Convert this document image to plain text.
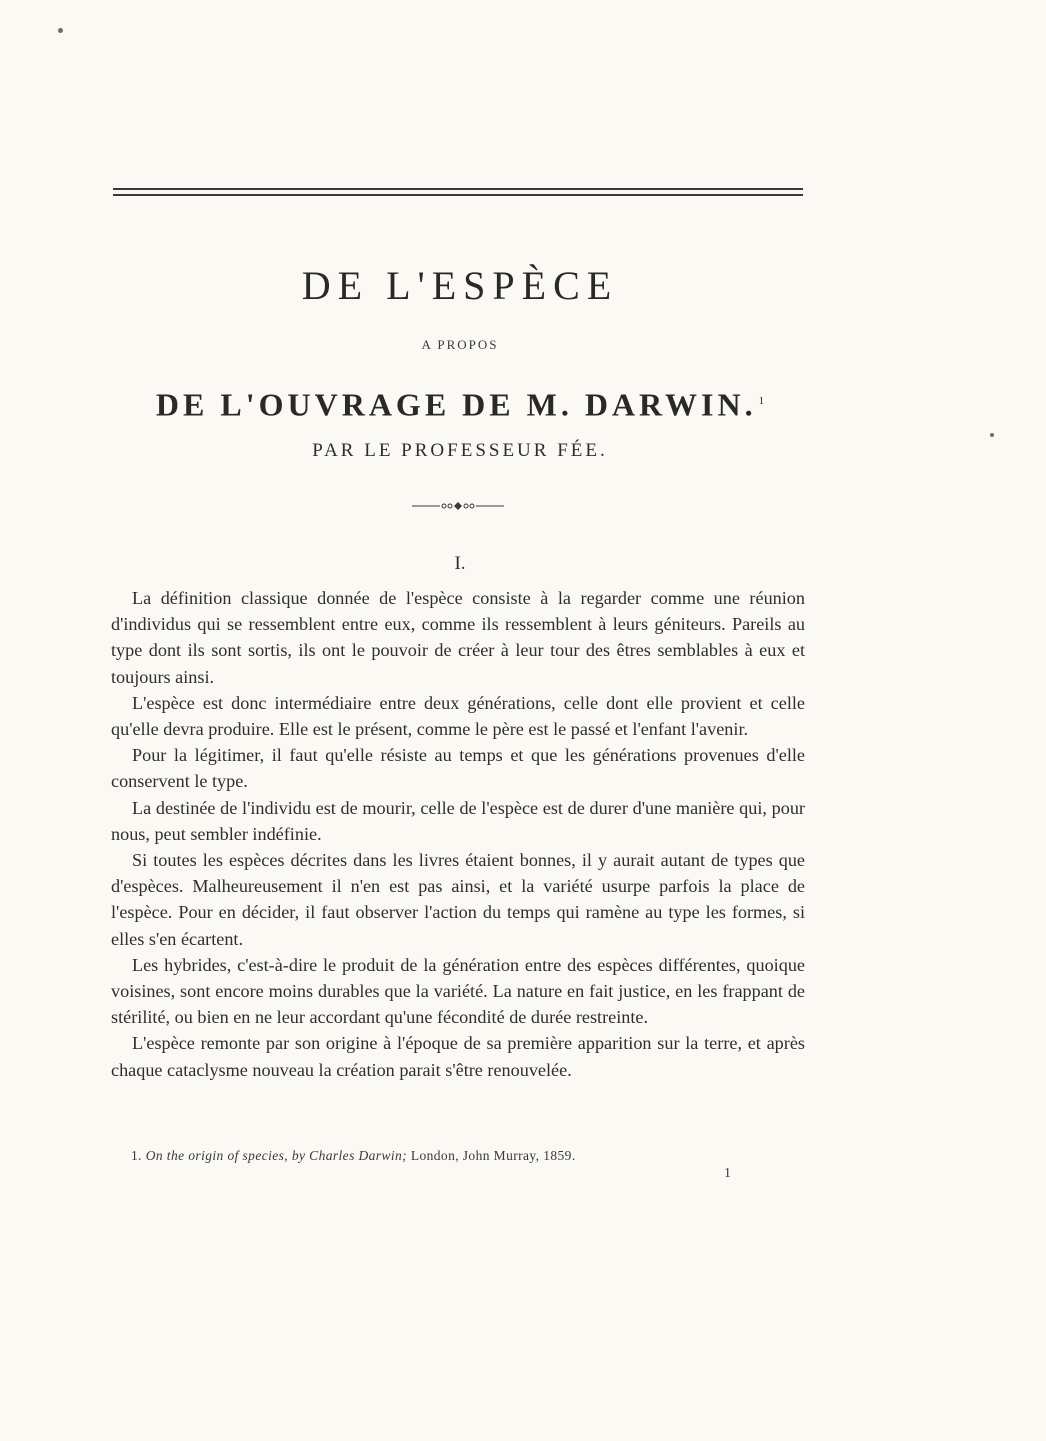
DE L'ESPÈCE
A PROPOS
DE L'OUVRAGE DE M. DARWIN. $^1$
PAR LE PROFESSEUR FÉE.
I.

La définition classique donnée de l'espèce consiste à la regarder comme une réunion d'individus qui se ressemblent entre eux, comme ils ressemblent à leurs géniteurs. Pareils au type dont ils sont sortis, ils ont le pouvoir de créer à leur tour des êtres semblables à eux et toujours ainsi.

L'espèce est donc intermédiaire entre deux générations, celle dont elle provient et celle qu'elle devra produire. Elle est le présent, comme le père est le passé et l'enfant l'avenir.

Pour la légitimer, il faut qu'elle résiste au temps et que les générations provenues d'elle conservent le type.

La destinée de l'individu est de mourir, celle de l'espèce est de durer d'une manière qui, pour nous, peut sembler indéfinie.

Si toutes les espèces décrites dans les livres étaient bonnes, il y aurait autant de types que d'espèces. Malheureusement il n'en est pas ainsi, et la variété usurpe parfois la place de l'espèce. Pour en décider, il faut observer l'action du temps qui ramène au type les formes, si elles s'en écartent.

Les hybrides, c'est-à-dire le produit de la génération entre des espèces différentes, quoique voisines, sont encore moins durables que la variété. La nature en fait justice, en les frappant de stérilité, ou bien en ne leur accordant qu'une fécondité de durée restreinte.

L'espèce remonte par son origine à l'époque de sa première apparition sur la terre, et après chaque cataclysme nouveau la création parait s'être renouvelée.

1. On the origin of species, by Charles Darwin; London, John Murray, 1859.
1
